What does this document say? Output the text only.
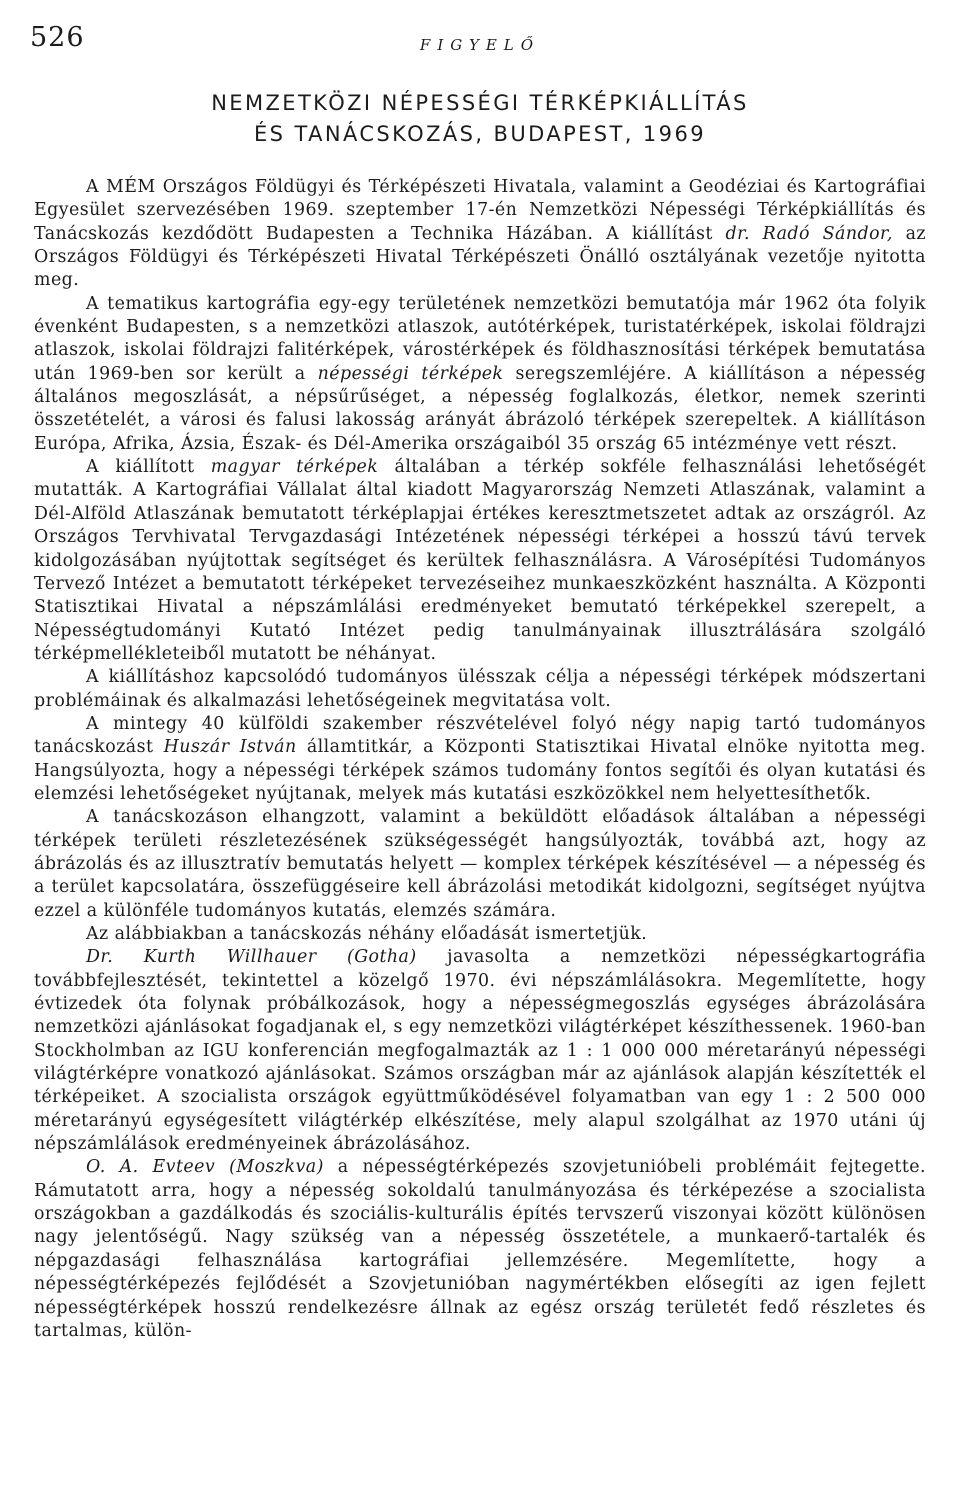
526	FIGYELŐ
NEMZETKÖZI NÉPESSÉGI TÉRKÉPKIÁLLÍTÁS
ÉS TANÁCSKOZÁS, BUDAPEST, 1969

A MÉM Országos Földügyi és Térképészeti Hivatala, valamint a Geodéziai és Kartográfiai Egyesület szervezésében 1969. szeptember 17-én Nemzetközi Népességi Térképkiállítás és Tanácskozás kezdődött Budapesten a Technika Házában. A kiállítást dr. Radó Sándor, az Országos Földügyi és Térképészeti Hivatal Térképészeti Önálló osztályának vezetője nyitotta meg.

A tematikus kartográfia egy-egy területének nemzetközi bemutatója már 1962 óta folyik évenként Budapesten, s a nemzetközi atlaszok, autótérképek, turistatérképek, iskolai földrajzi atlaszok, iskolai földrajzi falitérképek, várostérképek és földhasznosítási térképek bemutatása után 1969-ben sor került a népességi térképek seregszemléjére. A kiállításon a népesség általános megoszlását, a népsűrűséget, a népesség foglalkozás, életkor, nemek szerinti összetételét, a városi és falusi lakosság arányát ábrázoló térképek szerepeltek. A kiállításon Európa, Afrika, Ázsia, Észak- és Dél-Amerika országaiból 35 ország 65 intézménye vett részt.

A kiállított magyar térképek általában a térkép sokféle felhasználási lehetőségét mutatták. A Kartográfiai Vállalat által kiadott Magyarország Nemzeti Atlaszának, valamint a Dél-Alföld Atlaszának bemutatott térképlapjai értékes keresztmetszetet adtak az országról. Az Országos Tervhivatal Tervgazdasági Intézetének népességi térképei a hosszú távú tervek kidolgozásában nyújtottak segítséget és kerültek felhasználásra. A Városépítési Tudományos Tervező Intézet a bemutatott térképeket tervezéseihez munkaeszközként használta. A Központi Statisztikai Hivatal a népszámlálási eredményeket bemutató térképekkel szerepelt, a Népességtudományi Kutató Intézet pedig tanulmányainak illusztrálására szolgáló térképmellékleteiből mutatott be néhányat.

A kiállításhoz kapcsolódó tudományos ülésszak célja a népességi térképek módszertani problémáinak és alkalmazási lehetőségeinek megvitatása volt.

A mintegy 40 külföldi szakember részvételével folyó négy napig tartó tudományos tanácskozást Huszár István államtitkár, a Központi Statisztikai Hivatal elnöke nyitotta meg. Hangsúlyozta, hogy a népességi térképek számos tudomány fontos segítői és olyan kutatási és elemzési lehetőségeket nyújtanak, melyek más kutatási eszközökkel nem helyettesíthetők.

A tanácskozáson elhangzott, valamint a beküldött előadások általában a népességi térképek területi részletezésének szükségességét hangsúlyozták, továbbá azt, hogy az ábrázolás és az illusztratív bemutatás helyett — komplex térképek készítésével — a népesség és a terület kapcsolatára, összefüggéseire kell ábrázolási metodikát kidolgozni, segítséget nyújtva ezzel a különféle tudományos kutatás, elemzés számára.

Az alábbiakban a tanácskozás néhány előadását ismertetjük.

Dr. Kurth Willhauer (Gotha) javasolta a nemzetközi népességkartográfia továbbfejlesztését, tekintettel a közelgő 1970. évi népszámlálásokra. Megemlítette, hogy évtizedek óta folynak próbálkozások, hogy a népességmegoszlás egységes ábrázolására nemzetközi ajánlásokat fogadjanak el, s egy nemzetközi világtérképet készíthessenek. 1960-ban Stockholmban az IGU konferencián megfogalmazták az 1 : 1 000 000 méretarányú népességi világtérképre vonatkozó ajánlásokat. Számos országban már az ajánlások alapján készítették el térképeiket. A szocialista országok együttműködésével folyamatban van egy 1 : 2 500 000 méretarányú egységesített világtérkép elkészítése, mely alapul szolgálhat az 1970 utáni új népszámlálások eredményeinek ábrázolásához.

O. A. Evteev (Moszkva) a népességtérképezés szovjetunióbeli problémáit fejtegette. Rámutatott arra, hogy a népesség sokoldalú tanulmányozása és térképezése a szocialista országokban a gazdálkodás és szociális-kulturális építés tervszerű viszonyai között különösen nagy jelentőségű. Nagy szükség van a népesség összetétele, a munkaerő-tartalék és népgazdasági felhasználása kartográfiai jellemzésére. Megemlítette, hogy a népességtérképezés fejlődését a Szovjetunióban nagymértékben elősegíti az igen fejlett népességtérképek hosszú rendelkezésre állnak az egész ország területét fedő részletes és tartalmas, külön-
